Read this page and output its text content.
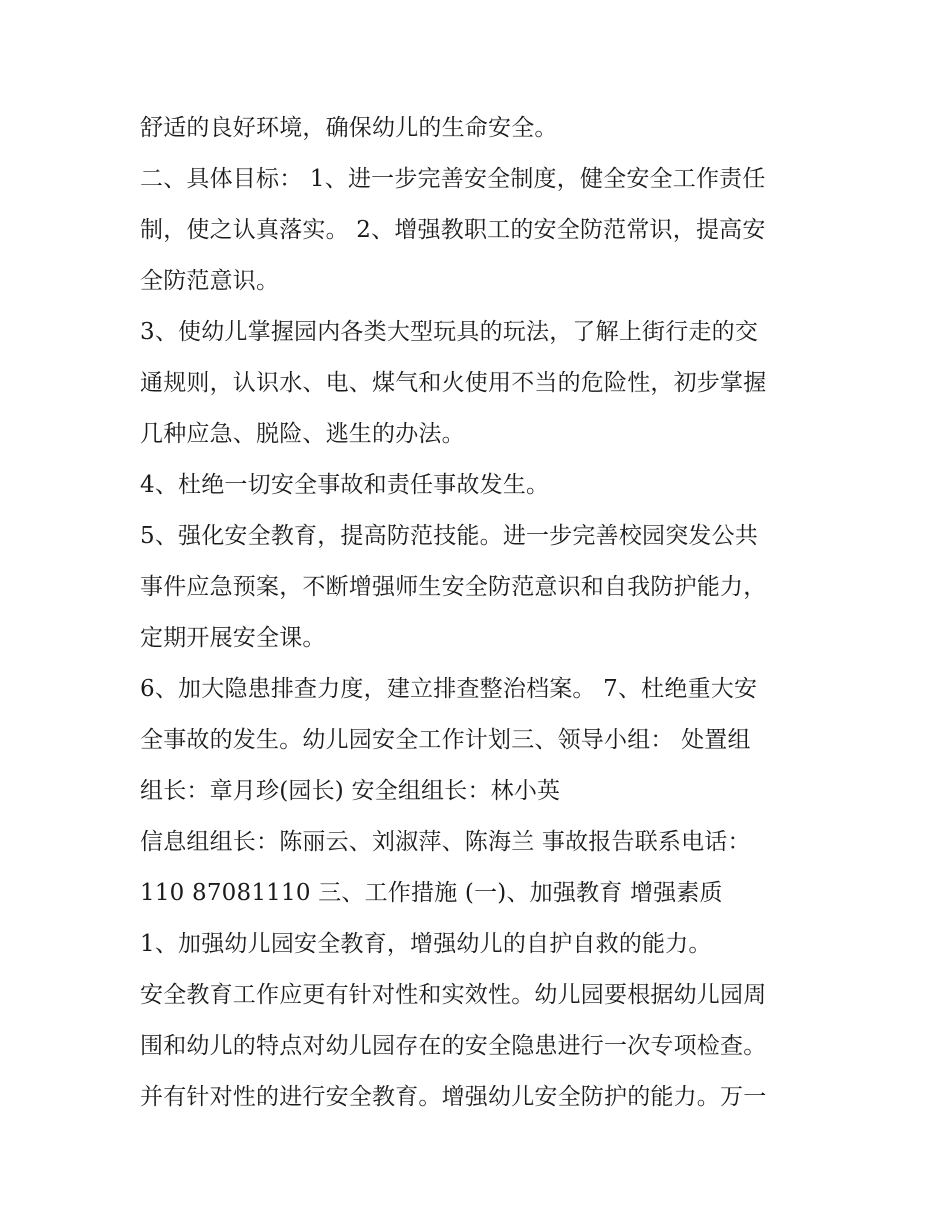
舒适的良好环境，确保幼儿的生命安全。
二、具体目标： 1、进一步完善安全制度，健全安全工作责任
制，使之认真落实。 2、增强教职工的安全防范常识，提高安
全防范意识。
3、使幼儿掌握园内各类大型玩具的玩法，了解上街行走的交
通规则，认识水、电、煤气和火使用不当的危险性，初步掌握
几种应急、脱险、逃生的办法。
4、杜绝一切安全事故和责任事故发生。
5、强化安全教育，提高防范技能。进一步完善校园突发公共
事件应急预案，不断增强师生安全防范意识和自我防护能力，
定期开展安全课。
6、加大隐患排查力度，建立排查整治档案。 7、杜绝重大安
全事故的发生。幼儿园安全工作计划三、领导小组： 处置组
组长：章月珍(园长) 安全组组长：林小英
信息组组长：陈丽云、刘淑萍、陈海兰 事故报告联系电话：
110 87081110 三、工作措施 (一)、加强教育 增强素质
1、加强幼儿园安全教育，增强幼儿的自护自救的能力。
安全教育工作应更有针对性和实效性。幼儿园要根据幼儿园周
围和幼儿的特点对幼儿园存在的安全隐患进行一次专项检查。
并有针对性的进行安全教育。增强幼儿安全防护的能力。万一
